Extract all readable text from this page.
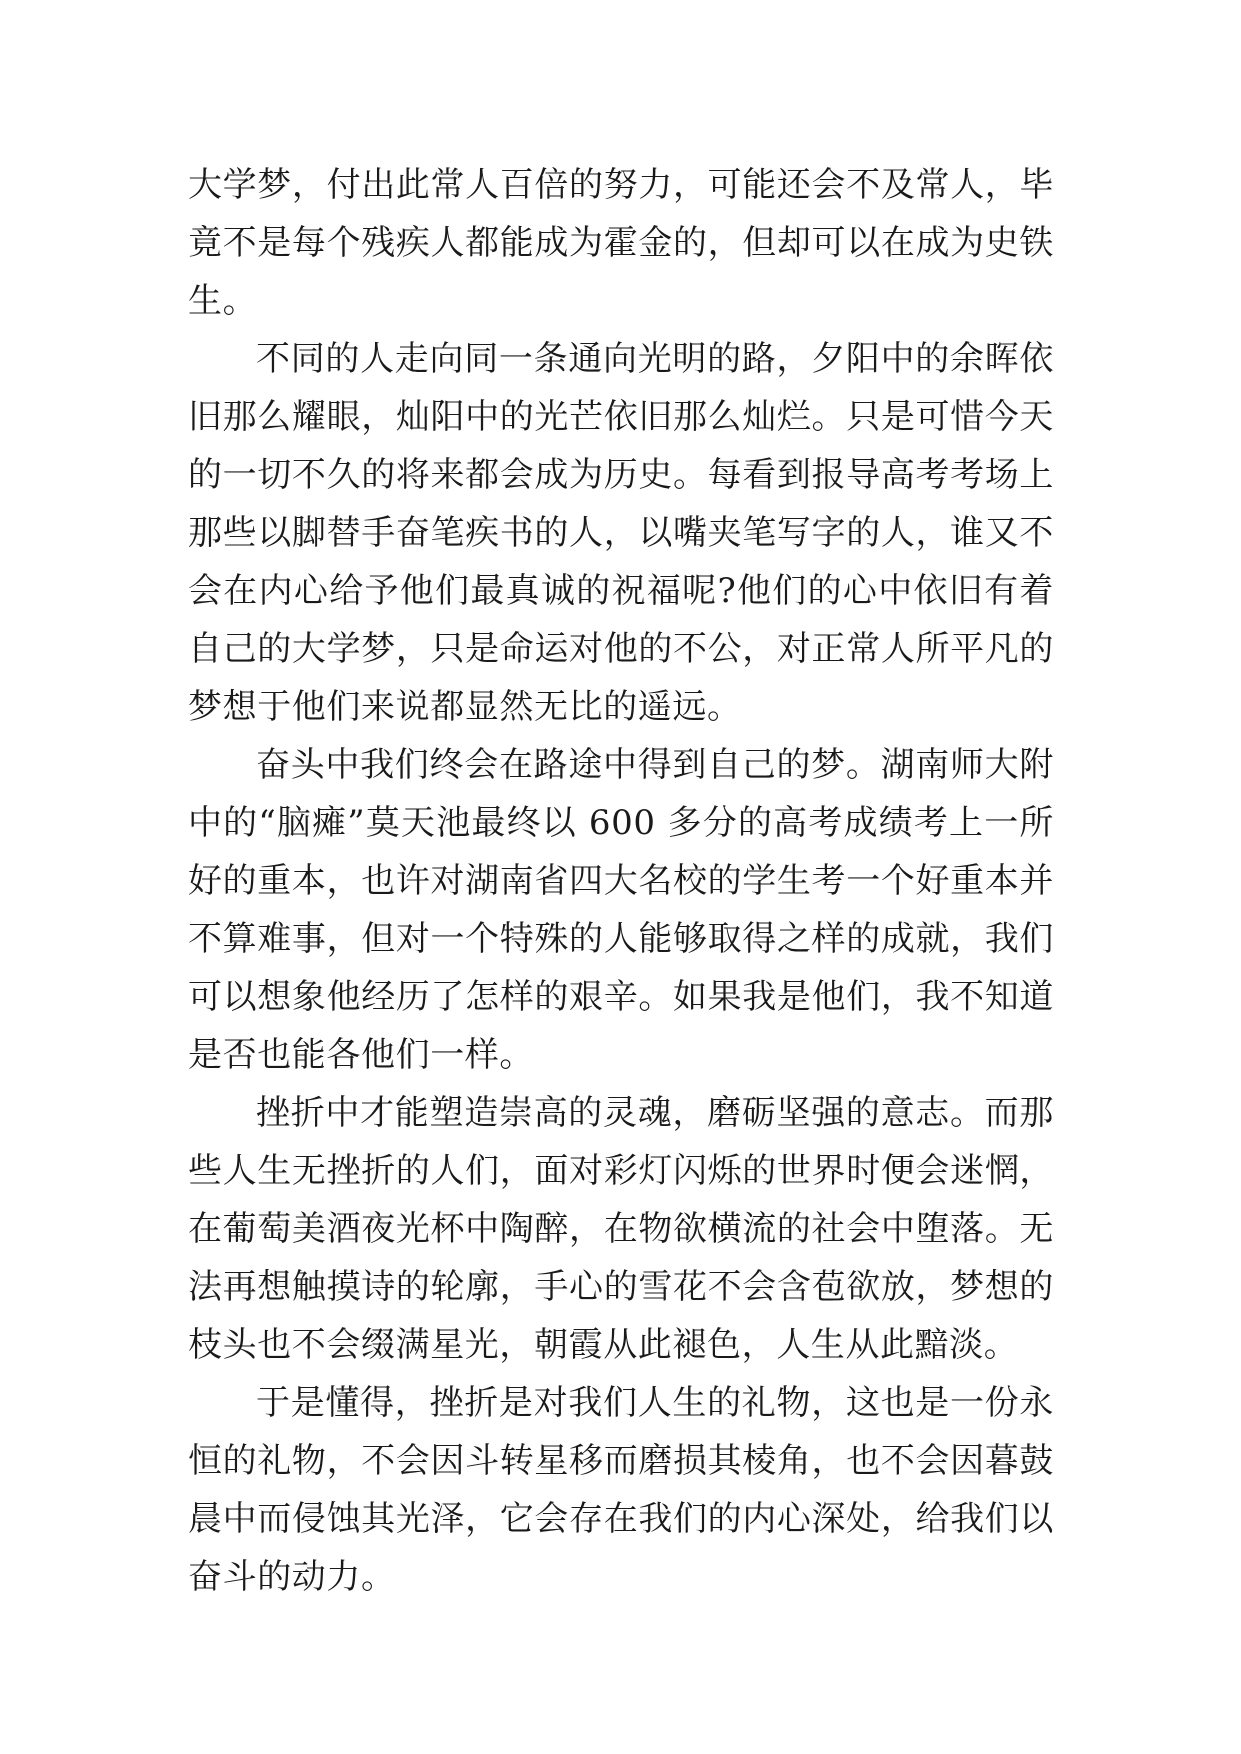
大学梦，付出此常人百倍的努力，可能还会不及常人，毕竟不是每个残疾人都能成为霍金的，但却可以在成为史铁生。

不同的人走向同一条通向光明的路，夕阳中的余晖依旧那么耀眼，灿阳中的光芒依旧那么灿烂。只是可惜今天的一切不久的将来都会成为历史。每看到报导高考考场上那些以脚替手奋笔疾书的人，以嘴夹笔写字的人，谁又不会在内心给予他们最真诚的祝福呢?他们的心中依旧有着自己的大学梦，只是命运对他的不公，对正常人所平凡的梦想于他们来说都显然无比的遥远。

奋头中我们终会在路途中得到自己的梦。湖南师大附中的“脑瘫”莫天池最终以 600 多分的高考成绩考上一所好的重本，也许对湖南省四大名校的学生考一个好重本并不算难事，但对一个特殊的人能够取得之样的成就，我们可以想象他经历了怎样的艰辛。如果我是他们，我不知道是否也能各他们一样。

挫折中才能塑造崇高的灵魂，磨砺坚强的意志。而那些人生无挫折的人们，面对彩灯闪烁的世界时便会迷惘，在葡萄美酒夜光杯中陶醉，在物欲横流的社会中堕落。无法再想触摸诗的轮廓，手心的雪花不会含苞欲放，梦想的枝头也不会缀满星光，朝霞从此褪色，人生从此黯淡。

于是懂得，挫折是对我们人生的礼物，这也是一份永恒的礼物，不会因斗转星移而磨损其棱角，也不会因暮鼓晨中而侵蚀其光泽，它会存在我们的内心深处，给我们以奋斗的动力。
